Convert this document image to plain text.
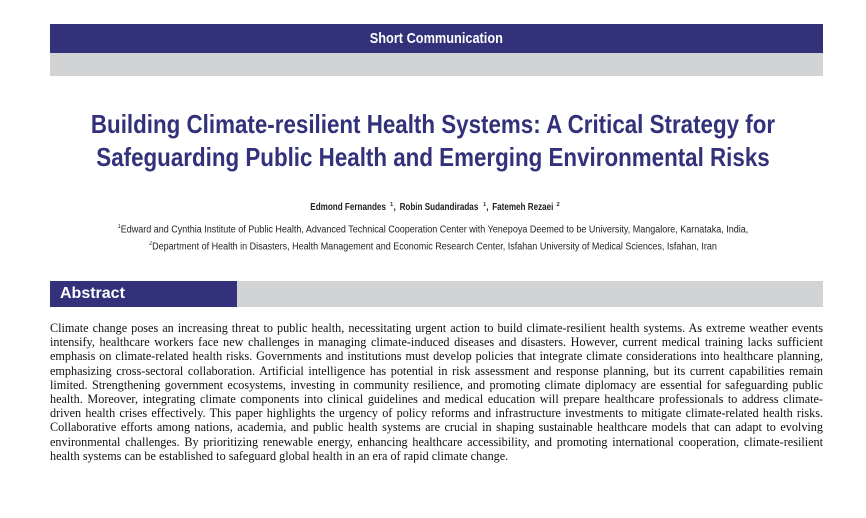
Short Communication
Building Climate-resilient Health Systems: A Critical Strategy for
Safeguarding Public Health and Emerging Environmental Risks
Edmond Fernandes $^1$,Robin Sudandiradas $^1$,Fatemeh Rezaei $^2$
$^1$Edward and Cynthia Institute of Public Health, Advanced Technical Cooperation Center with Yenepoya Deemed to be University, Mangalore, Karnataka, India,
$^2$Department of Health in Disasters, Health Management and Economic Research Center, Isfahan University of Medical Sciences, Isfahan, Iran
Abstract

Climate change poses an increasing threat to public health, necessitating urgent action to build climate-resilient health systems. As extreme weather events intensify, healthcare workers face new challenges in managing climate-induced diseases and disasters. However, current medical training lacks sufficient emphasis on climate-related health risks. Governments and institutions must develop policies that integrate climate considerations into healthcare planning, emphasizing cross-sectoral collaboration. Artificial intelligence has potential in risk assessment and response planning, but its current capabilities remain limited. Strengthening government ecosystems, investing in community resilience, and promoting climate diplomacy are essential for safeguarding public health. Moreover, integrating climate components into clinical guidelines and medical education will prepare healthcare professionals to address climate-driven health crises effectively. This paper highlights the urgency of policy reforms and infrastructure investments to mitigate climate-related health risks. Collaborative efforts among nations, academia, and public health systems are crucial in shaping sustainable healthcare models that can adapt to evolving environmental challenges. By prioritizing renewable energy, enhancing healthcare accessibility, and promoting international cooperation, climate-resilient health systems can be established to safeguard global health in an era of rapid climate change.
